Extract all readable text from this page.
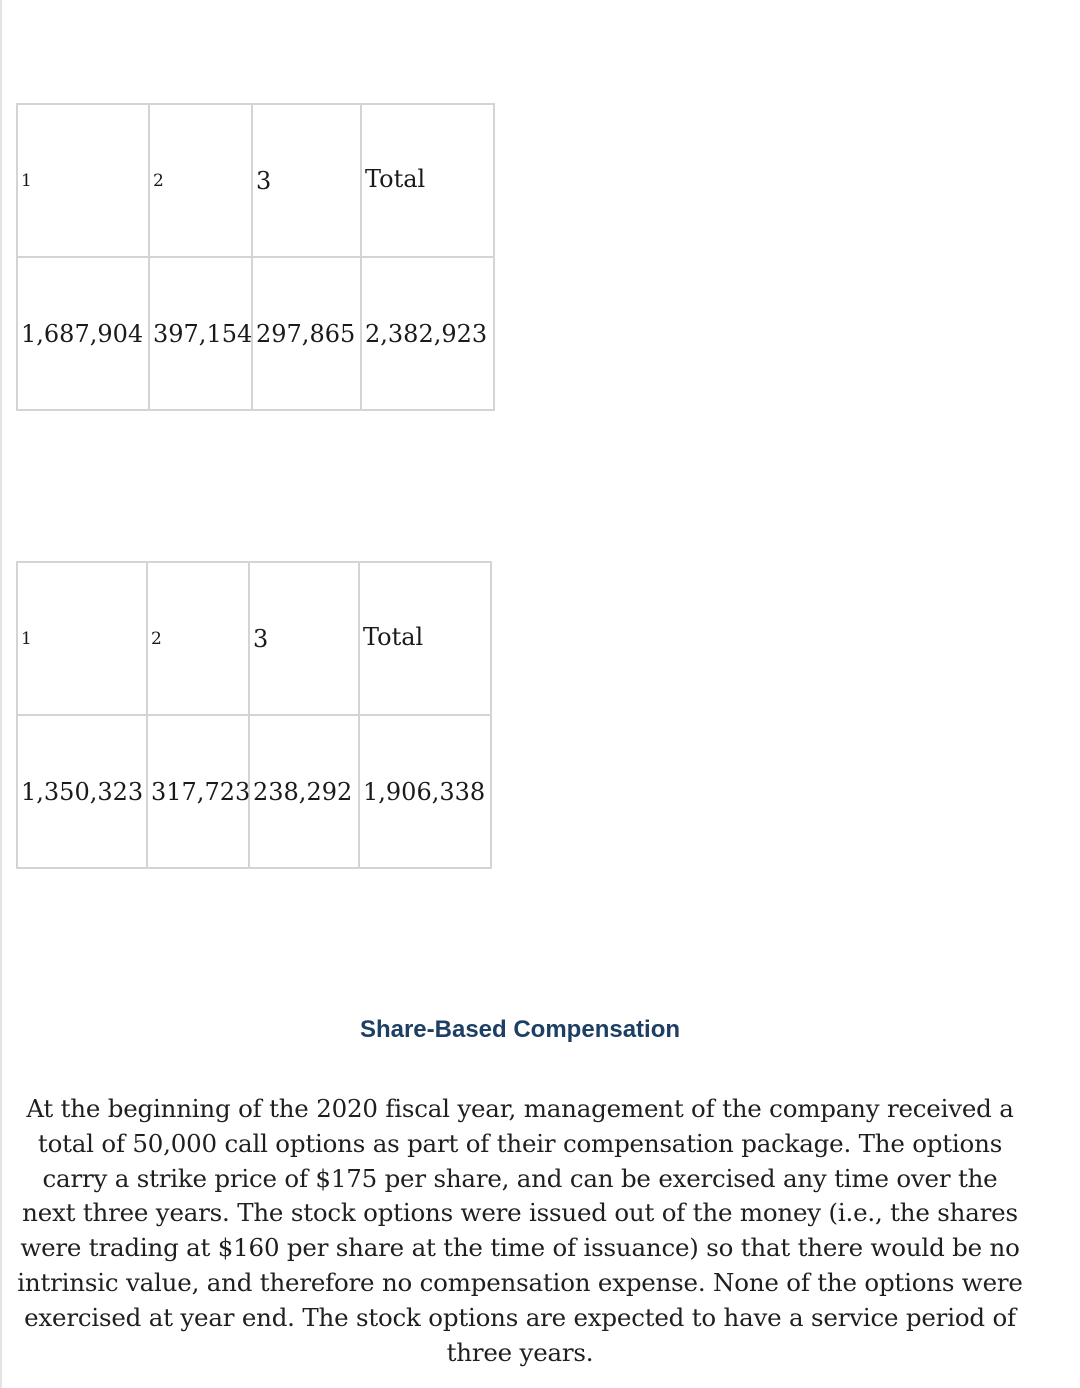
1	2	3	Total
1,687,904	397,154	297,865	2,382,923
1	2	3	Total
1,350,323	317,723	238,292	1,906,338
Share-Based Compensation

At the beginning of the 2020 fiscal year, management of the company received a total of 50,000 call options as part of their compensation package. The options carry a strike price of $175 per share, and can be exercised any time over the next three years. The stock options were issued out of the money (i.e., the shares were trading at $160 per share at the time of issuance) so that there would be no intrinsic value, and therefore no compensation expense. None of the options were exercised at year end. The stock options are expected to have a service period of three years.
